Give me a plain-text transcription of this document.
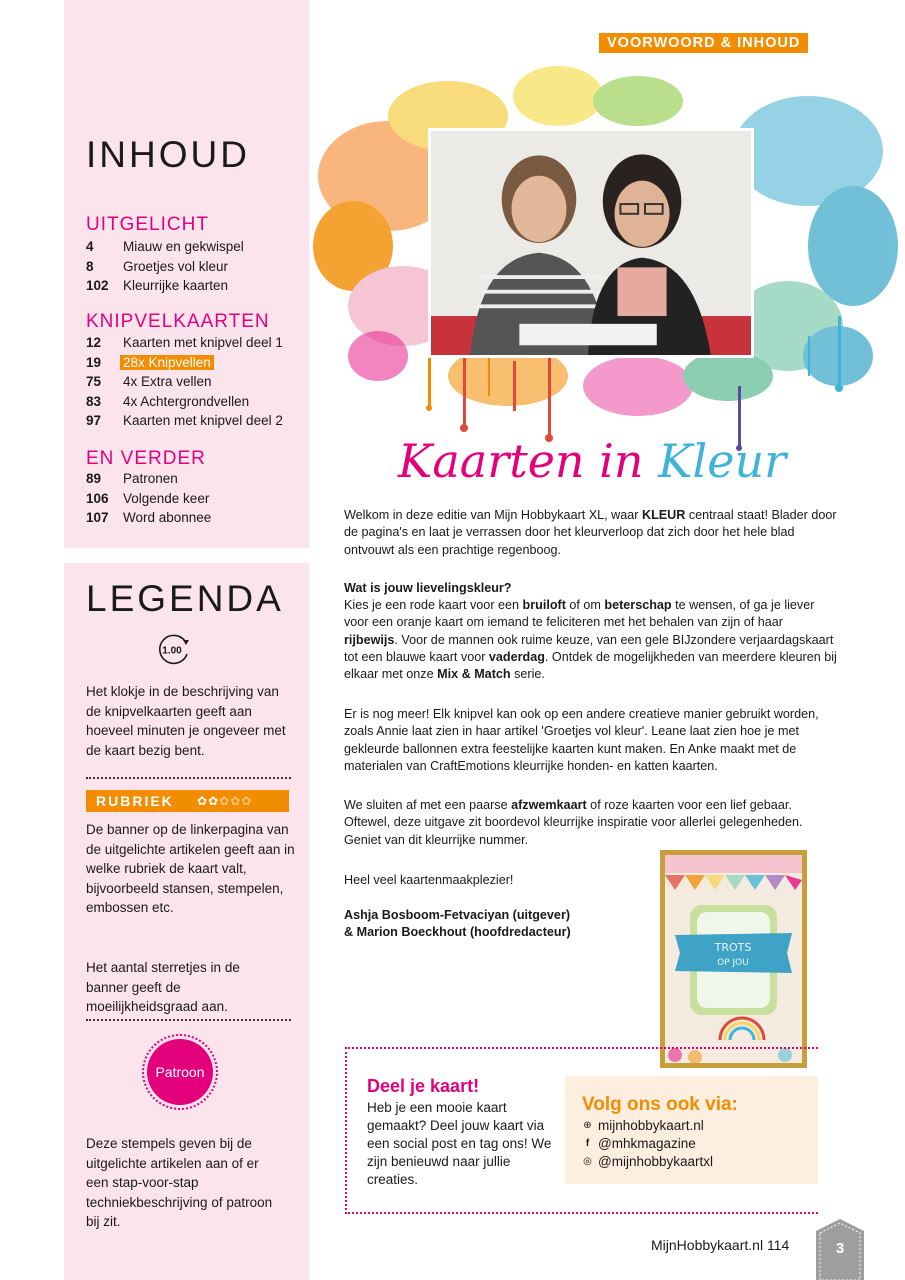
INHOUD
UITGELICHT
4	Miauw en gekwispel
8	Groetjes vol kleur
102	Kleurrijke kaarten
KNIPVELKAARTEN
12	Kaarten met knipvel deel 1
19	28x Knipvellen
75	4x Extra vellen
83	4x Achtergrondvellen
97	Kaarten met knipvel deel 2
EN VERDER
89	Patronen
106	Volgende keer
107	Word abonnee
LEGENDA
1.00

Het klokje in de beschrijving van de knipvelkaarten geeft aan hoeveel minuten je ongeveer met de kaart bezig bent.

RUBRIEK	✿ ✿ ✿ ✿ ✿

De banner op de linkerpagina van de uitgelichte artikelen geeft aan in welke rubriek de kaart valt, bijvoorbeeld stansen, stempelen, embossen etc.

Het aantal sterretjes in de banner geeft de moeilijkheidsgraad aan.

Patroon

Deze stempels geven bij de uitgelichte artikelen aan of er een stap-voor-stap techniekbeschrijving of patroon bij zit.

VOORWOORD & INHOUD
Kaarten in Kleur

Welkom in deze editie van Mijn Hobbykaart XL, waar KLEUR centraal staat! Blader door de pagina's en laat je verrassen door het kleurverloop dat zich door het hele blad ontvouwt als een prachtige regenboog.

Wat is jouw lievelingskleur?

Kies je een rode kaart voor een bruiloft of om beterschap te wensen, of ga je liever voor een oranje kaart om iemand te feliciteren met het behalen van zijn of haar rijbewijs. Voor de mannen ook ruime keuze, van een gele BIJzondere verjaardagskaart tot een blauwe kaart voor vaderdag. Ontdek de mogelijkheden van meerdere kleuren bij elkaar met onze Mix & Match serie.

Er is nog meer! Elk knipvel kan ook op een andere creatieve manier gebruikt worden, zoals Annie laat zien in haar artikel 'Groetjes vol kleur'. Leane laat zien hoe je met gekleurde ballonnen extra feestelijke kaarten kunt maken. En Anke maakt met de materialen van CraftEmotions kleurrijke honden- en katten kaarten.

We sluiten af met een paarse afzwemkaart of roze kaarten voor een lief gebaar. Oftewel, deze uitgave zit boordevol kleurrijke inspiratie voor allerlei gelegenheden. Geniet van dit kleurrijke nummer.

Heel veel kaartenmaakplezier!

Ashja Bosboom-Fetvaciyan (uitgever)

& Marion Boeckhout (hoofdredacteur)

TROTS
OP JOU
Deel je kaart!

Heb je een mooie kaart gemaakt? Deel jouw kaart via een social post en tag ons! We zijn benieuwd naar jullie creaties.

Volg ons ook via:
⊕ mijnhobbykaart.nl
f @mhkmagazine
◎ @mijnhobbykaartxl
MijnHobbykaart.nl 114	3
